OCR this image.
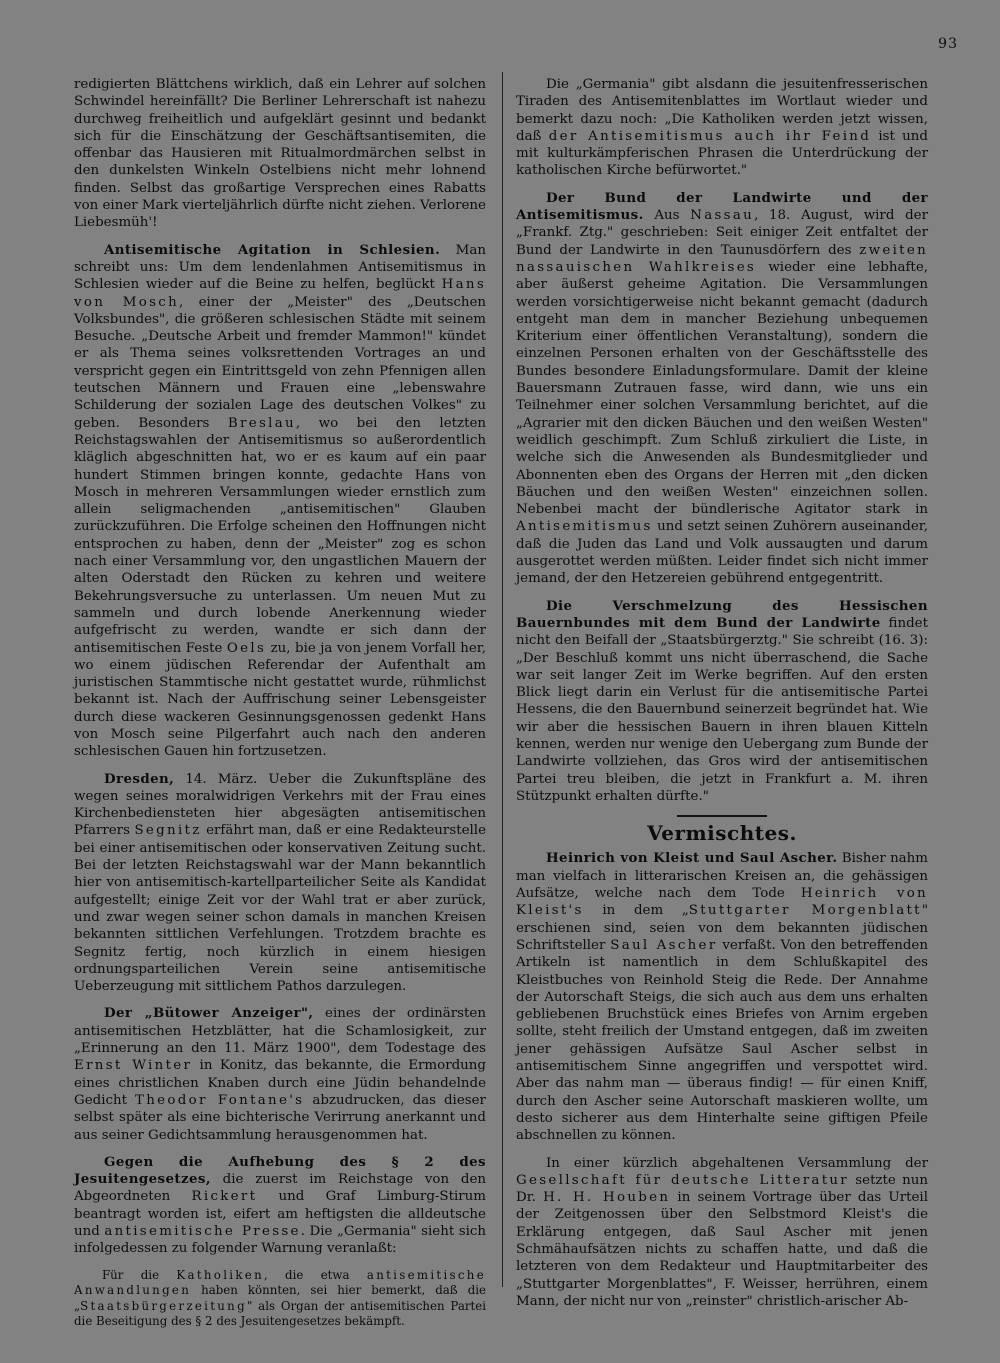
93

redigierten Blättchens wirklich, daß ein Lehrer auf solchen Schwindel hereinfällt? Die Berliner Lehrerschaft ist nahezu durchweg freiheitlich und aufgeklärt gesinnt und bedankt sich für die Einschätzung der Geschäftsantisemiten, die offenbar das Hausieren mit Ritualmordmärchen selbst in den dunkelsten Winkeln Ostelbiens nicht mehr lohnend finden. Selbst das großartige Versprechen eines Rabatts von einer Mark vierteljährlich dürfte nicht ziehen. Verlorene Liebesmüh'!

Antisemitische Agitation in Schlesien. Man schreibt uns: Um dem lendenlahmen Antisemitismus in Schlesien wieder auf die Beine zu helfen, beglückt Hans von Mosch, einer der „Meister" des „Deutschen Volksbundes", die größeren schlesischen Städte mit seinem Besuche. „Deutsche Arbeit und fremder Mammon!" kündet er als Thema seines volksrettenden Vortrages an und verspricht gegen ein Eintrittsgeld von zehn Pfennigen allen teutschen Männern und Frauen eine „lebenswahre Schilderung der sozialen Lage des deutschen Volkes" zu geben. Besonders Breslau, wo bei den letzten Reichstagswahlen der Antisemitismus so außerordentlich kläglich abgeschnitten hat, wo er es kaum auf ein paar hundert Stimmen bringen konnte, gedachte Hans von Mosch in mehreren Versammlungen wieder ernstlich zum allein seligmachenden „antisemitischen" Glauben zurückzuführen. Die Erfolge scheinen den Hoffnungen nicht entsprochen zu haben, denn der „Meister" zog es schon nach einer Versammlung vor, den ungastlichen Mauern der alten Oderstadt den Rücken zu kehren und weitere Bekehrungsversuche zu unterlassen. Um neuen Mut zu sammeln und durch lobende Anerkennung wieder aufgefrischt zu werden, wandte er sich dann der antisemitischen Feste Oels zu, bie ja von jenem Vorfall her, wo einem jüdischen Referendar der Aufenthalt am juristischen Stammtische nicht gestattet wurde, rühmlichst bekannt ist. Nach der Auffrischung seiner Lebensgeister durch diese wackeren Gesinnungsgenossen gedenkt Hans von Mosch seine Pilgerfahrt auch nach den anderen schlesischen Gauen hin fortzusetzen.

Dresden, 14. März. Ueber die Zukunftspläne des wegen seines moralwidrigen Verkehrs mit der Frau eines Kirchenbediensteten hier abgesägten antisemitischen Pfarrers Segnitz erfährt man, daß er eine Redakteurstelle bei einer antisemitischen oder konservativen Zeitung sucht. Bei der letzten Reichstagswahl war der Mann bekanntlich hier von antisemitisch-kartellparteilicher Seite als Kandidat aufgestellt; einige Zeit vor der Wahl trat er aber zurück, und zwar wegen seiner schon damals in manchen Kreisen bekannten sittlichen Verfehlungen. Trotzdem brachte es Segnitz fertig, noch kürzlich in einem hiesigen ordnungsparteilichen Verein seine antisemitische Ueberzeugung mit sittlichem Pathos darzulegen.

Der „Bütower Anzeiger", eines der ordinärsten antisemitischen Hetzblätter, hat die Schamlosigkeit, zur „Erinnerung an den 11. März 1900", dem Todestage des Ernst Winter in Konitz, das bekannte, die Ermordung eines christlichen Knaben durch eine Jüdin behandelnde Gedicht Theodor Fontane's abzudrucken, das dieser selbst später als eine bichterische Verirrung anerkannt und aus seiner Gedichtsammlung herausgenommen hat.

Gegen die Aufhebung des § 2 des Jesuitengesetzes, die zuerst im Reichstage von den Abgeordneten Rickert und Graf Limburg-Stirum beantragt worden ist, eifert am heftigsten die alldeutsche und antisemitische Presse. Die „Germania" sieht sich infolgedessen zu folgender Warnung veranlaßt:

Für die Katholiken, die etwa antisemitische Anwandlungen haben könnten, sei hier bemerkt, daß die „Staatsbürgerzeitung" als Organ der antisemitischen Partei die Beseitigung des § 2 des Jesuitengesetzes bekämpft.

Die „Germania" gibt alsdann die jesuitenfresserischen Tiraden des Antisemitenblattes im Wortlaut wieder und bemerkt dazu noch: „Die Katholiken werden jetzt wissen, daß der Antisemitismus auch ihr Feind ist und mit kulturkämpferischen Phrasen die Unterdrückung der katholischen Kirche befürwortet."

Der Bund der Landwirte und der Antisemitismus. Aus Nassau, 18. August, wird der „Frankf. Ztg." geschrieben: Seit einiger Zeit entfaltet der Bund der Landwirte in den Taunusdörfern des zweiten nassauischen Wahlkreises wieder eine lebhafte, aber äußerst geheime Agitation. Die Versammlungen werden vorsichtigerweise nicht bekannt gemacht (dadurch entgeht man dem in mancher Beziehung unbequemen Kriterium einer öffentlichen Veranstaltung), sondern die einzelnen Personen erhalten von der Geschäftsstelle des Bundes besondere Einladungsformulare. Damit der kleine Bauersmann Zutrauen fasse, wird dann, wie uns ein Teilnehmer einer solchen Versammlung berichtet, auf die „Agrarier mit den dicken Bäuchen und den weißen Westen" weidlich geschimpft. Zum Schluß zirkuliert die Liste, in welche sich die Anwesenden als Bundesmitglieder und Abonnenten eben des Organs der Herren mit „den dicken Bäuchen und den weißen Westen" einzeichnen sollen. Nebenbei macht der bündlerische Agitator stark in Antisemitismus und setzt seinen Zuhörern auseinander, daß die Juden das Land und Volk aussaugten und darum ausgerottet werden müßten. Leider findet sich nicht immer jemand, der den Hetzereien gebührend entgegentritt.

Die Verschmelzung des Hessischen Bauernbundes mit dem Bund der Landwirte findet nicht den Beifall der „Staatsbürgerztg." Sie schreibt (16. 3): „Der Beschluß kommt uns nicht überraschend, die Sache war seit langer Zeit im Werke begriffen. Auf den ersten Blick liegt darin ein Verlust für die antisemitische Partei Hessens, die den Bauernbund seinerzeit begründet hat. Wie wir aber die hessischen Bauern in ihren blauen Kitteln kennen, werden nur wenige den Uebergang zum Bunde der Landwirte vollziehen, das Gros wird der antisemitischen Partei treu bleiben, die jetzt in Frankfurt a. M. ihren Stützpunkt erhalten dürfte."

Vermischtes.

Heinrich von Kleist und Saul Ascher. Bisher nahm man vielfach in litterarischen Kreisen an, die gehässigen Aufsätze, welche nach dem Tode Heinrich von Kleist's in dem „Stuttgarter Morgenblatt" erschienen sind, seien von dem bekannten jüdischen Schriftsteller Saul Ascher verfaßt. Von den betreffenden Artikeln ist namentlich in dem Schlußkapitel des Kleistbuches von Reinhold Steig die Rede. Der Annahme der Autorschaft Steigs, die sich auch aus dem uns erhalten gebliebenen Bruchstück eines Briefes von Arnim ergeben sollte, steht freilich der Umstand entgegen, daß im zweiten jener gehässigen Aufsätze Saul Ascher selbst in antisemitischem Sinne angegriffen und verspottet wird. Aber das nahm man — überaus findig! — für einen Kniff, durch den Ascher seine Autorschaft maskieren wollte, um desto sicherer aus dem Hinterhalte seine giftigen Pfeile abschnellen zu können.

In einer kürzlich abgehaltenen Versammlung der Gesellschaft für deutsche Litteratur setzte nun Dr. H. H. Houben in seinem Vortrage über das Urteil der Zeitgenossen über den Selbstmord Kleist's die Erklärung entgegen, daß Saul Ascher mit jenen Schmähaufsätzen nichts zu schaffen hatte, und daß die letzteren von dem Redakteur und Hauptmitarbeiter des „Stuttgarter Morgenblattes", F. Weisser, herrühren, einem Mann, der nicht nur von „reinster" christlich-arischer Ab-
